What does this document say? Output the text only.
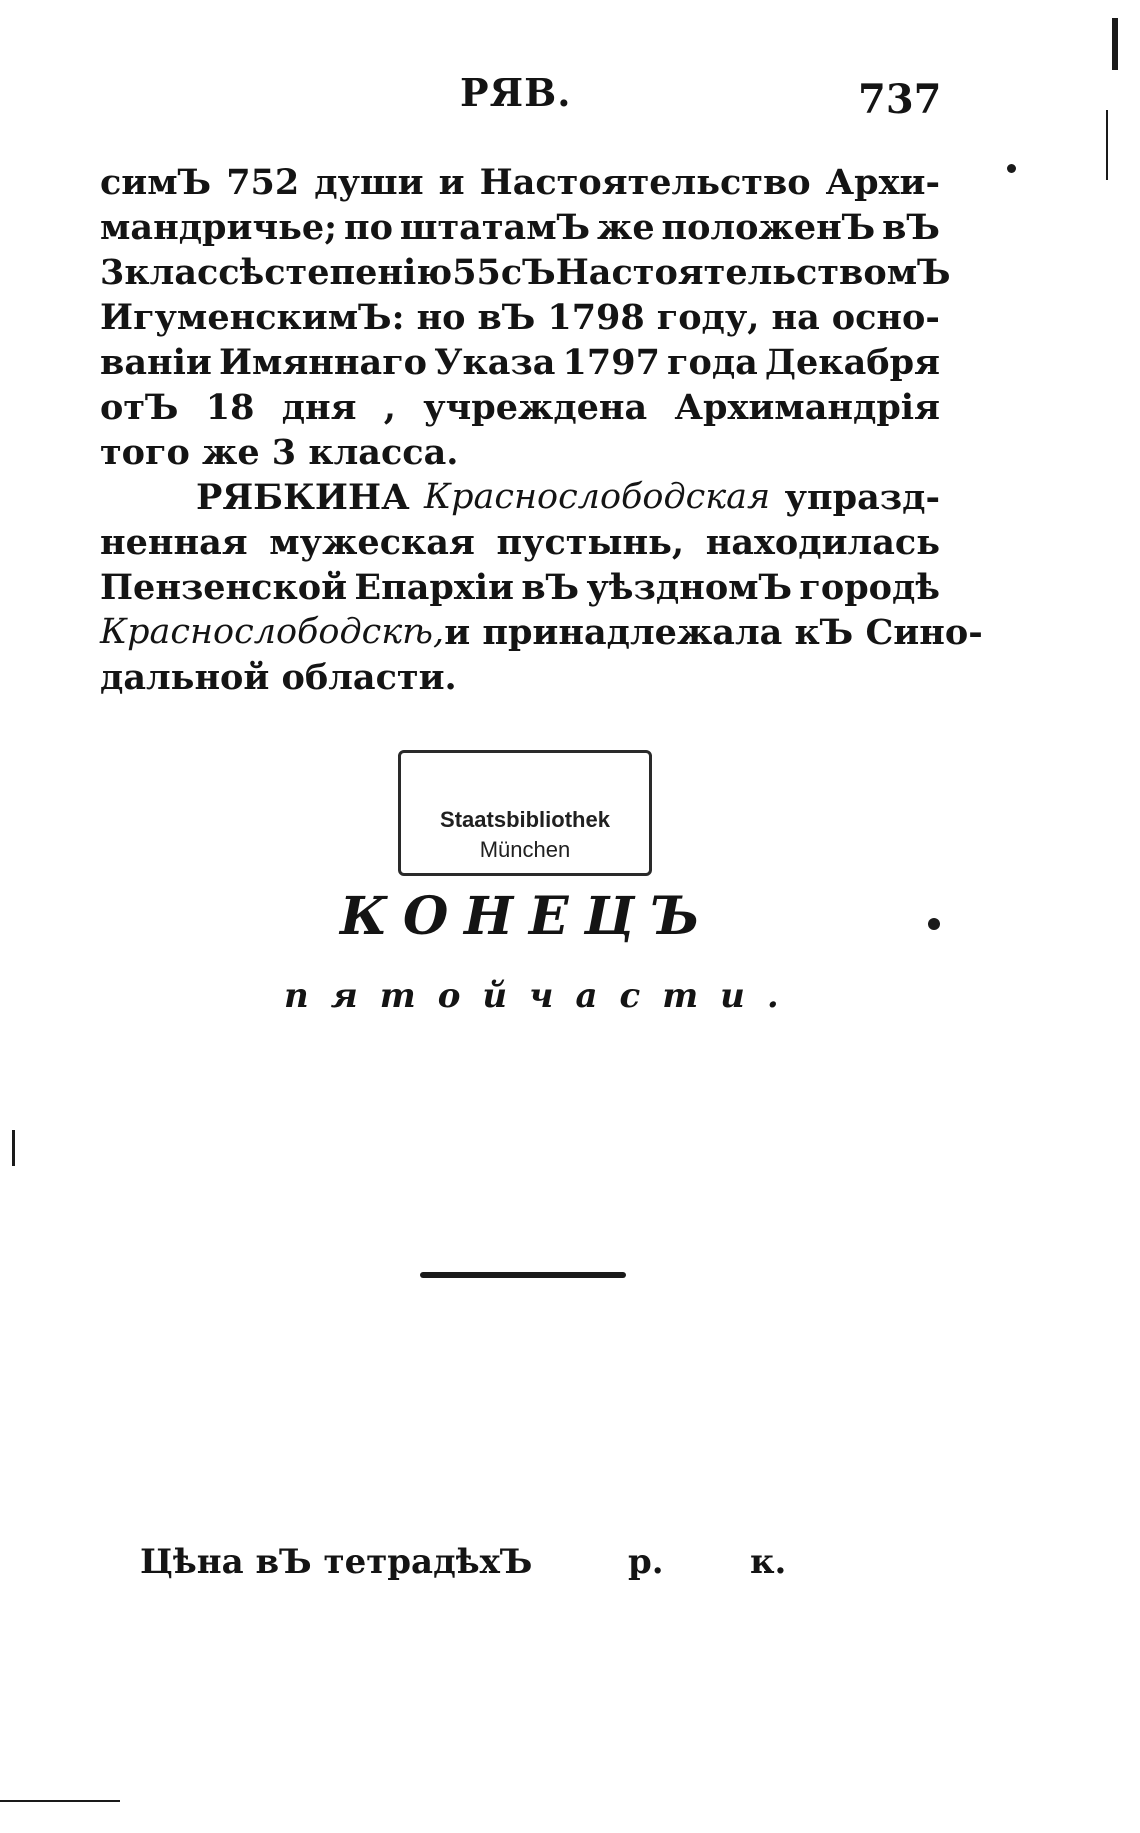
РЯВ.	737
симЪ 752 души и Настоятельство Архи-
мандричье; по штатамЪ же положенЪ вЪ
3 классѣ степенію 55 сЪ НастоятельствомЪ
ИгуменскимЪ: но вЪ 1798 году, на осно-
ваніи Имяннаго Указа 1797 года Декабря
отЪ 18 дня , учреждена Архимандрія
того же 3 класса.
РЯБКИНА Краснослободская упразд-
ненная мужеская пустынь, находилась
Пензенской Епархіи вЪ уѣздномЪ городѣ
Краснослободскѣ, и принадлежала кЪ Сино-
дальной области.
Staatsbibliothek
München
К О Н Е Ц Ъ
пятой части.
Цѣна вЪ тетрадѣхЪ	р.	к.
